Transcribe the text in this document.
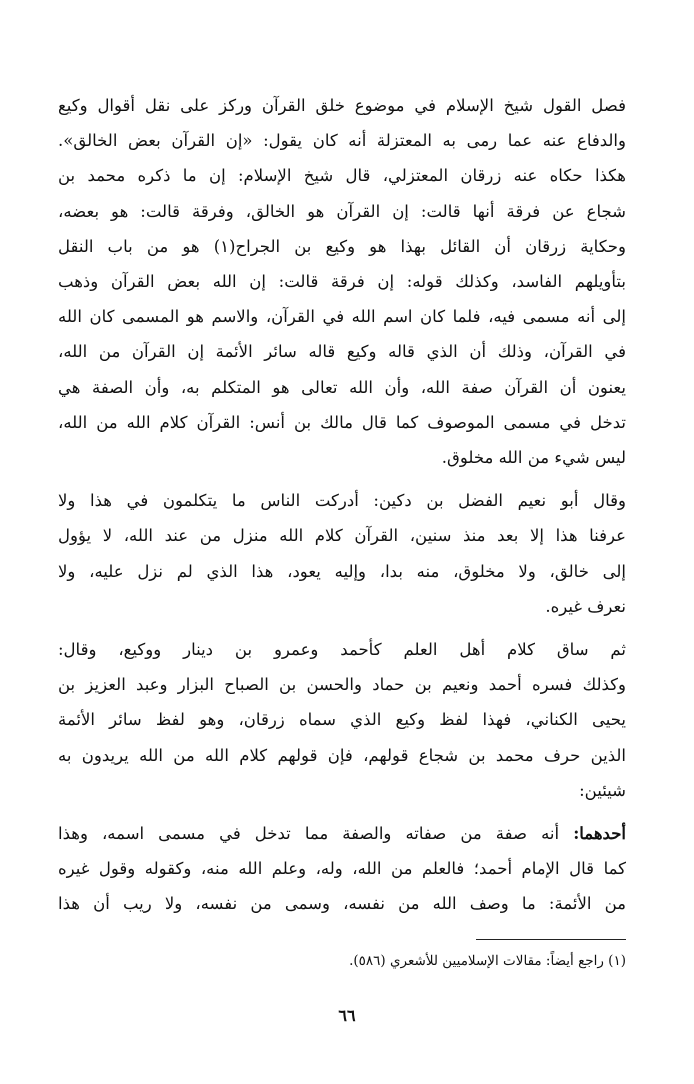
فصل القول شيخ الإسلام في موضوع خلق القرآن وركز على نقل أقوال وكيع
والدفاع عنه عما رمى به المعتزلة أنه كان يقول: «إن القرآن بعض الخالق».
هكذا حكاه عنه زرقان المعتزلي، قال شيخ الإسلام: إن ما ذكره محمد بن
شجاع عن فرقة أنها قالت: إن القرآن هو الخالق، وفرقة قالت: هو بعضه،
وحكاية زرقان أن القائل بهذا هو وكيع بن الجراح(١) هو من باب النقل
بتأويلهم الفاسد، وكذلك قوله: إن فرقة قالت: إن الله بعض القرآن وذهب
إلى أنه مسمى فيه، فلما كان اسم الله في القرآن، والاسم هو المسمى كان الله
في القرآن، وذلك أن الذي قاله وكيع قاله سائر الأئمة إن القرآن من الله،
يعنون أن القرآن صفة الله، وأن الله تعالى هو المتكلم به، وأن الصفة هي
تدخل في مسمى الموصوف كما قال مالك بن أنس: القرآن كلام الله من الله،
ليس شيء من الله مخلوق.

وقال أبو نعيم الفضل بن دكين: أدركت الناس ما يتكلمون في هذا ولا
عرفنا هذا إلا بعد منذ سنين، القرآن كلام الله منزل من عند الله، لا يؤول
إلى خالق، ولا مخلوق، منه بدا، وإليه يعود، هذا الذي لم نزل عليه، ولا
نعرف غيره.

ثم ساق كلام أهل العلم كأحمد وعمرو بن دينار ووكيع، وقال:
وكذلك فسره أحمد ونعيم بن حماد والحسن بن الصباح البزار وعبد العزيز بن
يحيى الكناني، فهذا لفظ وكيع الذي سماه زرقان، وهو لفظ سائر الأئمة
الذين حرف محمد بن شجاع قولهم، فإن قولهم كلام الله من الله يريدون به
شيئين:

أحدهما: أنه صفة من صفاته والصفة مما تدخل في مسمى اسمه، وهذا
كما قال الإمام أحمد؛ فالعلم من الله، وله، وعلم الله منه، وكقوله وقول غيره
من الأئمة: ما وصف الله من نفسه، وسمى من نفسه، ولا ريب أن هذا

(١) راجع أيضاً: مقالات الإسلاميين للأشعري (٥٨٦).
٦٦
